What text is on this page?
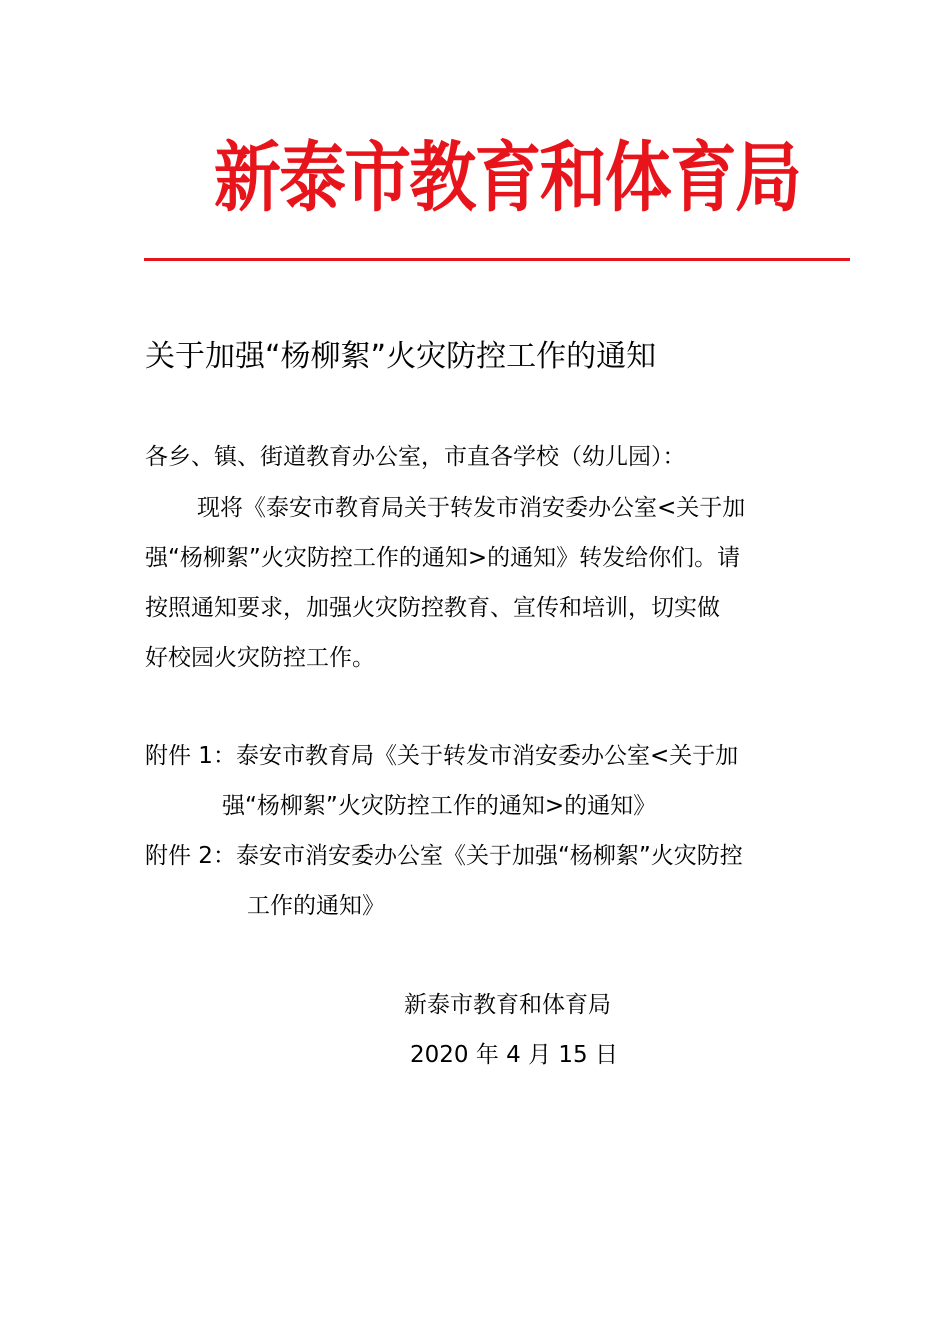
新泰市教育和体育局
关于加强“杨柳絮”火灾防控工作的通知
各乡、镇、街道教育办公室，市直各学校（幼儿园）：
现将《泰安市教育局关于转发市消安委办公室<关于加
强“杨柳絮”火灾防控工作的通知>的通知》转发给你们。请
按照通知要求，加强火灾防控教育、宣传和培训，切实做
好校园火灾防控工作。
附件 1：泰安市教育局《关于转发市消安委办公室<关于加
强“杨柳絮”火灾防控工作的通知>的通知》
附件 2：泰安市消安委办公室《关于加强“杨柳絮”火灾防控
工作的通知》
新泰市教育和体育局
2020 年 4 月 15 日
